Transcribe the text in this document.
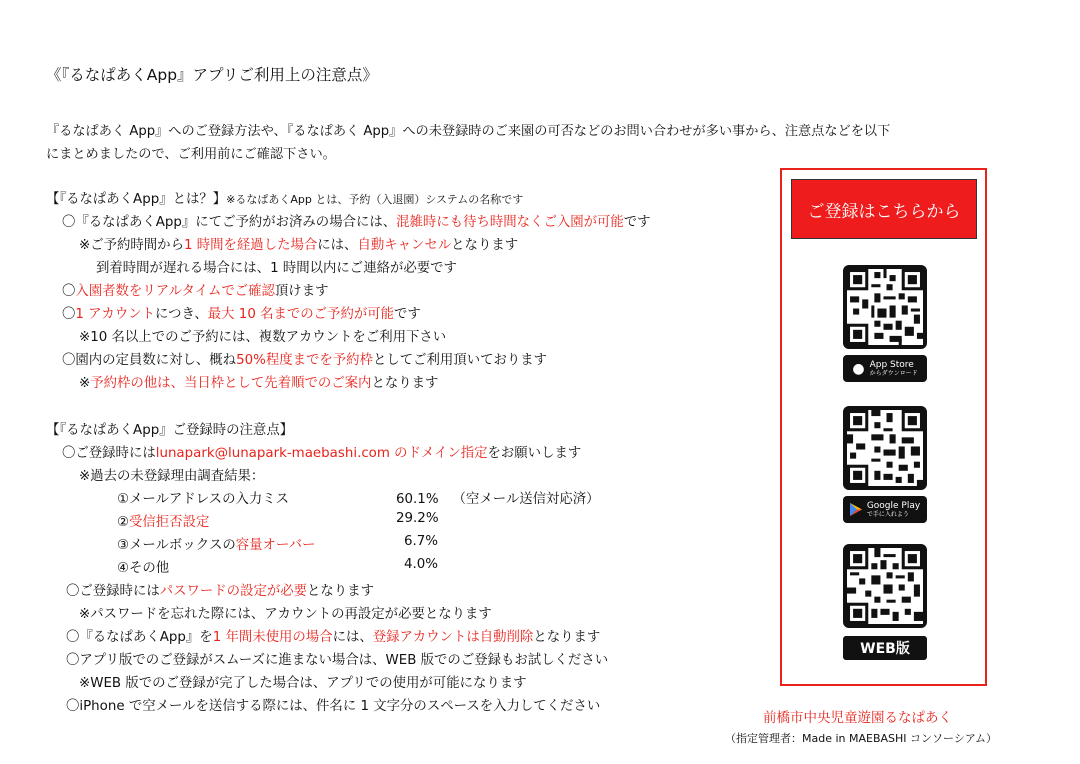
《『るなぱあくApp』アプリご利用上の注意点》
『るなぱあく App』へのご登録方法や、『るなぱあく App』への未登録時のご来園の可否などのお問い合わせが多い事から、注意点などを以下
にまとめましたので、ご利用前にご確認下さい。
【『るなぱあくApp』とは？】※るなぱあくApp とは、予約（入退園）システムの名称です
〇『るなぱあくApp』にてご予約がお済みの場合には、混雑時にも待ち時間なくご入園が可能です
※ご予約時間から1 時間を経過した場合には、自動キャンセルとなります
到着時間が遅れる場合には、1 時間以内にご連絡が必要です
〇入園者数をリアルタイムでご確認頂けます
〇1 アカウントにつき、最大 10 名までのご予約が可能です
※10 名以上でのご予約には、複数アカウントをご利用下さい
〇園内の定員数に対し、概ね50%程度までを予約枠としてご利用頂いております
※予約枠の他は、当日枠として先着順でのご案内となります
【『るなぱあくApp』ご登録時の注意点】
〇ご登録時にはlunapark@lunapark-maebashi.com のドメイン指定をお願いします
※過去の未登録理由調査結果：
①メールアドレスの入力ミス	60.1% （空メール送信対応済）
②受信拒否設定	29.2%
③メールボックスの容量オーバー	6.7%
④その他	4.0%
〇ご登録時にはパスワードの設定が必要となります
※パスワードを忘れた際には、アカウントの再設定が必要となります
〇『るなぱあくApp』を1 年間未使用の場合には、登録アカウントは自動削除となります
〇アプリ版でのご登録がスムーズに進まない場合は、WEB 版でのご登録もお試しください
※WEB 版でのご登録が完了した場合は、アプリでの使用が可能になります
〇iPhone で空メールを送信する際には、件名に 1 文字分のスペースを入力してください
ご登録はこちらから
● App Store
からダウンロード
Google Play
で手に入れよう
WEB版
前橋市中央児童遊園るなぱあく
（指定管理者：Made in MAEBASHI コンソーシアム）
